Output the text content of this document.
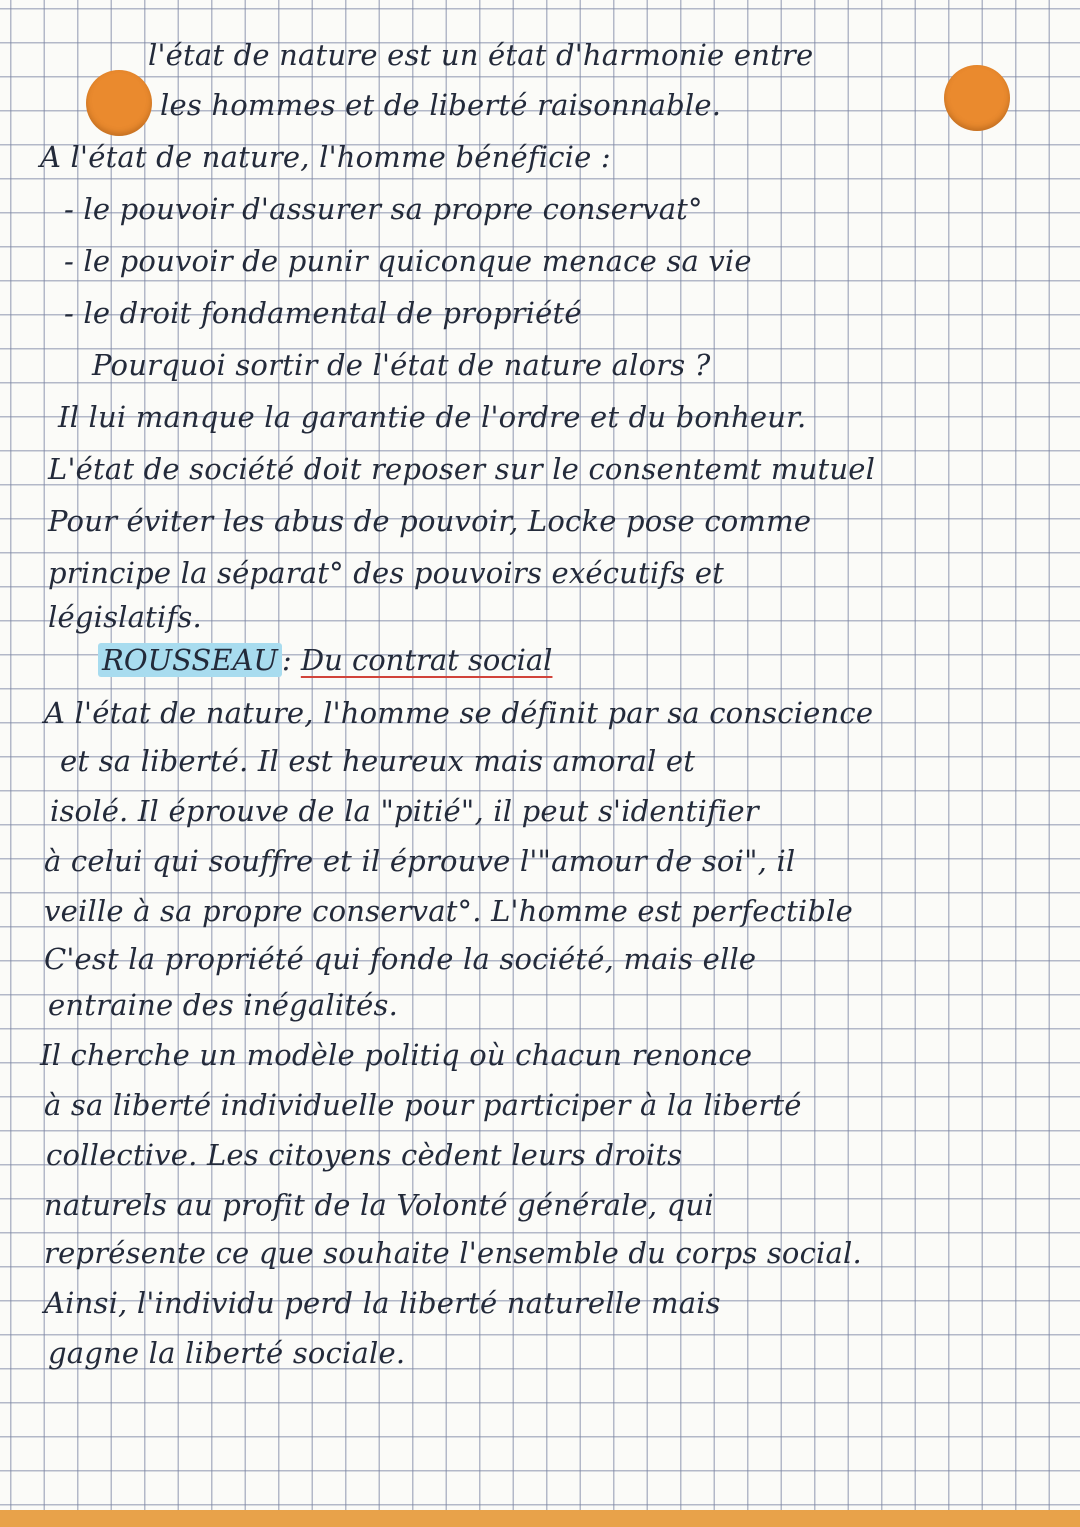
l'état de nature est un état d'harmonie entre

les hommes et de liberté raisonnable.

A l'état de nature, l'homme bénéficie :

- le pouvoir d'assurer sa propre conservat°

- le pouvoir de punir quiconque menace sa vie

- le droit fondamental de propriété

Pourquoi sortir de l'état de nature alors ?

Il lui manque la garantie de l'ordre et du bonheur.

L'état de société doit reposer sur le consentemt mutuel

Pour éviter les abus de pouvoir, Locke pose comme

principe la séparat° des pouvoirs exécutifs et

législatifs.

ROUSSEAU : Du contrat social

A l'état de nature, l'homme se définit par sa conscience

et sa liberté. Il est heureux mais amoral et

isolé. Il éprouve de la "pitié", il peut s'identifier

à celui qui souffre et il éprouve l'"amour de soi", il

veille à sa propre conservat°. L'homme est perfectible

C'est la propriété qui fonde la société, mais elle

entraine des inégalités.

Il cherche un modèle politiq où chacun renonce

à sa liberté individuelle pour participer à la liberté

collective. Les citoyens cèdent leurs droits

naturels au profit de la Volonté générale, qui

représente ce que souhaite l'ensemble du corps social.

Ainsi, l'individu perd la liberté naturelle mais

gagne la liberté sociale.
